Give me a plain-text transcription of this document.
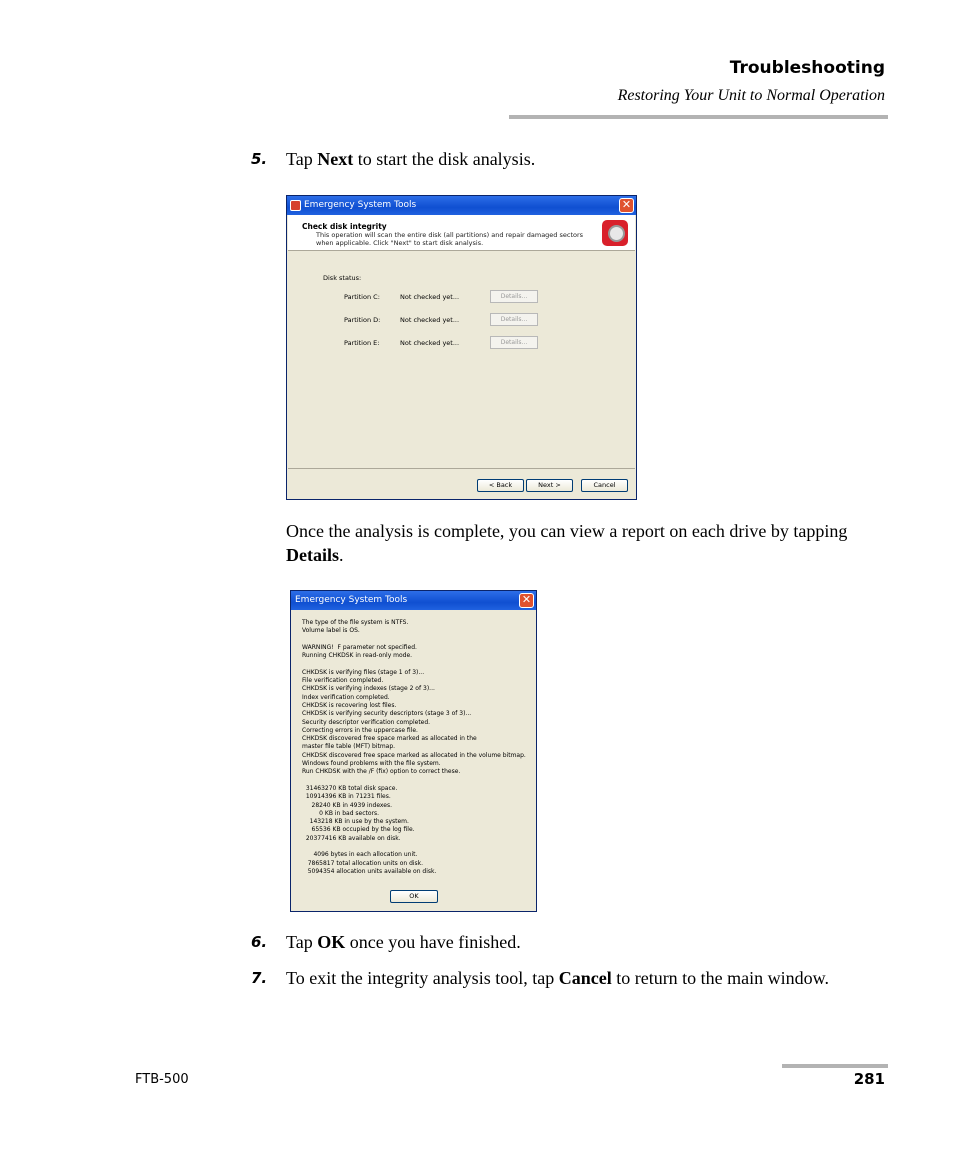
Troubleshooting
Restoring Your Unit to Normal Operation
5. Tap Next to start the disk analysis.
Emergency System Tools	✕
Check disk integrity
This operation will scan the entire disk (all partitions) and repair damaged sectors when applicable. Click "Next" to start disk analysis.
Disk status:
Partition C:	Not checked yet...	Details...
Partition D:	Not checked yet...	Details...
Partition E:	Not checked yet...	Details...
< Back	Next >	Cancel
Once the analysis is complete, you can view a report on each drive by tapping Details.
Emergency System Tools	✕
The type of the file system is NTFS.
Volume label is OS.

WARNING!  F parameter not specified.
Running CHKDSK in read-only mode.

CHKDSK is verifying files (stage 1 of 3)...
File verification completed.
CHKDSK is verifying indexes (stage 2 of 3)...
Index verification completed.
CHKDSK is recovering lost files.
CHKDSK is verifying security descriptors (stage 3 of 3)...
Security descriptor verification completed.
Correcting errors in the uppercase file.
CHKDSK discovered free space marked as allocated in the
master file table (MFT) bitmap.
CHKDSK discovered free space marked as allocated in the volume bitmap.
Windows found problems with the file system.
Run CHKDSK with the /F (fix) option to correct these.

31463270 KB total disk space.
10914396 KB in 71231 files.
28240 KB in 4939 indexes.
0 KB in bad sectors.
143218 KB in use by the system.
65536 KB occupied by the log file.
20377416 KB available on disk.

4096 bytes in each allocation unit.
7865817 total allocation units on disk.
5094354 allocation units available on disk.
OK
6. Tap OK once you have finished.
7. To exit the integrity analysis tool, tap Cancel to return to the main window.
FTB-500	281
